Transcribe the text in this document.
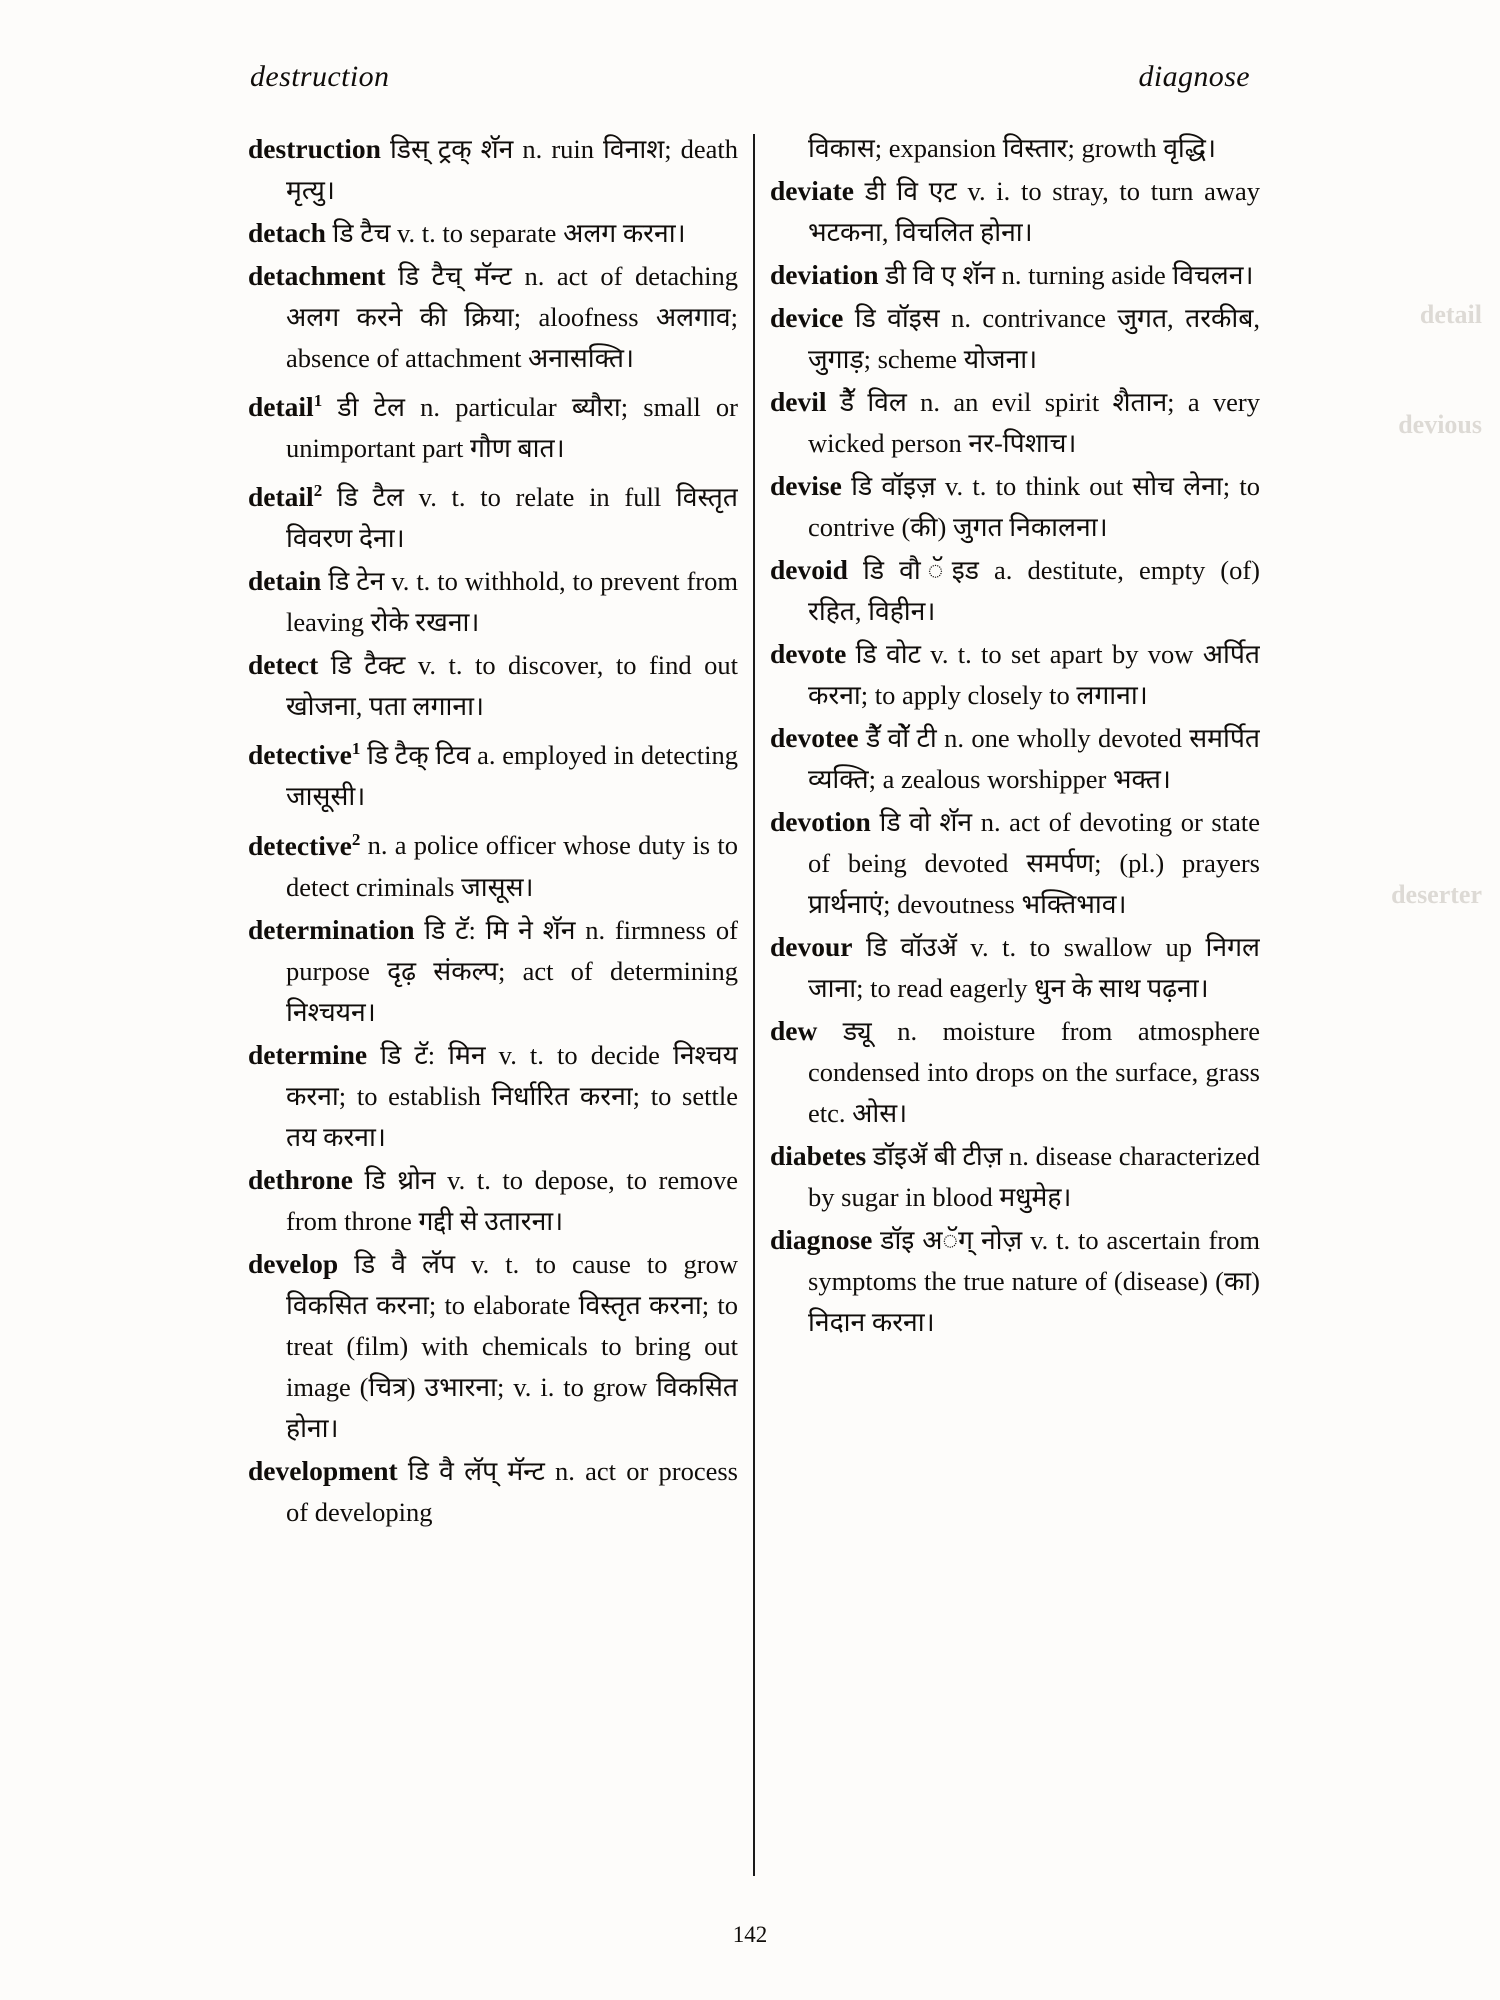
destruction	diagnose
destruction डिस् ट्रक् शॅन n. ruin विनाश; death मृत्यु।
detach डि टैच v. t. to separate अलग करना।
detachment डि टैच् मॅन्ट n. act of detaching अलग करने की क्रिया; aloofness अलगाव; absence of attachment अनासक्ति।
detail$^1$ डी टेल n. particular ब्यौरा; small or unimportant part गौण बात।
detail$^2$ डि टैल v. t. to relate in full विस्तृत विवरण देना।
detain डि टेन v. t. to withhold, to prevent from leaving रोके रखना।
detect डि टैक्ट v. t. to discover, to find out खोजना, पता लगाना।
detective$^1$ डि टैक् टिव a. employed in detecting जासूसी।
detective$^2$ n. a police officer whose duty is to detect criminals जासूस।
determination डि टॅ: मि ने शॅन n. firmness of purpose दृढ़ संकल्प; act of determining निश्चयन।
determine डि टॅ: मिन v. t. to decide निश्चय करना; to establish निर्धारित करना; to settle तय करना।
dethrone डि थ्रोन v. t. to depose, to remove from throne गद्दी से उतारना।
develop डि वै लॅप v. t. to cause to grow विकसित करना; to elaborate विस्तृत करना; to treat (film) with chemicals to bring out image (चित्र) उभारना; v. i. to grow विकसित होना।
development डि वै लॅप् मॅन्ट n. act or process of developing
विकास; expansion विस्तार; growth वृद्धि।
deviate डी वि एट v. i. to stray, to turn away भटकना, विचलित होना।
deviation डी वि ए शॅन n. turning aside विचलन।
device डि वॉइस n. contrivance जुगत, तरकीब, जुगाड़; scheme योजना।
devil डैॅ विल n. an evil spirit शैतान; a very wicked person नर-पिशाच।
devise डि वॉइज़ v. t. to think out सोच लेना; to contrive (की) जुगत निकालना।
devoid डि वौ ॅइड a. destitute, empty (of) रहित, विहीन।
devote डि वोट v. t. to set apart by vow अर्पित करना; to apply closely to लगाना।
devotee डैॅ वोॅ टी n. one wholly devoted समर्पित व्यक्ति; a zealous worshipper भक्त।
devotion डि वो शॅन n. act of devoting or state of being devoted समर्पण; (pl.) prayers प्रार्थनाएं; devoutness भक्तिभाव।
devour डि वॉउॲ v. t. to swallow up निगल जाना; to read eagerly धुन के साथ पढ़ना।
dew ड्यू n. moisture from atmosphere condensed into drops on the surface, grass etc. ओस।
diabetes डॉइॲ बी टीज़ n. disease characterized by sugar in blood मधुमेह।
diagnose डॉइ अॅग् नोज़ v. t. to ascertain from symptoms the true nature of (disease) (का) निदान करना।
142
detail
devious
deserter
